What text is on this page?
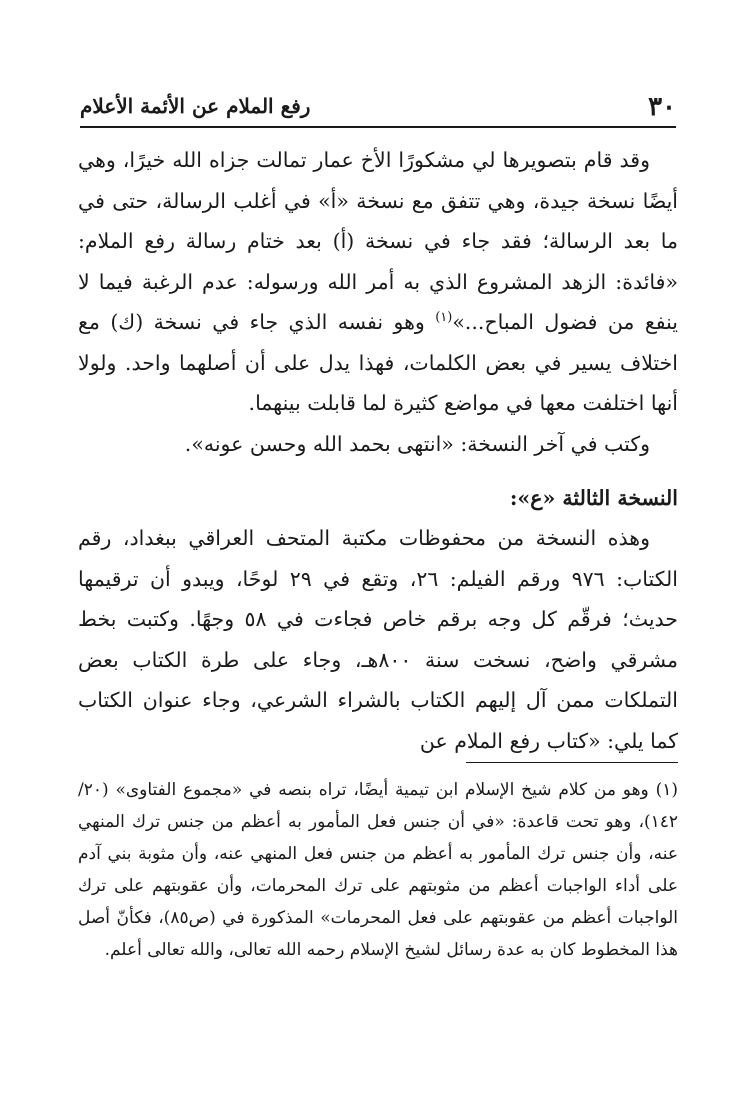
٣٠
رفع الملام عن الأئمة الأعلام

وقد قام بتصويرها لي مشكورًا الأخ عمار تمالت جزاه الله خيرًا، وهي أيضًا نسخة جيدة، وهي تتفق مع نسخة «أ» في أغلب الرسالة، حتى في ما بعد الرسالة؛ فقد جاء في نسخة (أ) بعد ختام رسالة رفع الملام: «فائدة: الزهد المشروع الذي به أمر الله ورسوله: عدم الرغبة فيما لا ينفع من فضول المباح...»$^{(١)}$ وهو نفسه الذي جاء في نسخة (ك) مع اختلاف يسير في بعض الكلمات، فهذا يدل على أن أصلهما واحد. ولولا أنها اختلفت معها في مواضع كثيرة لما قابلت بينهما.

وكتب في آخر النسخة: «انتهى بحمد الله وحسن عونه».

النسخة الثالثة «ع»:

وهذه النسخة من محفوظات مكتبة المتحف العراقي ببغداد، رقم الكتاب: ٩٧٦ ورقم الفيلم: ٢٦، وتقع في ٢٩ لوحًا، ويبدو أن ترقيمها حديث؛ فرقّم كل وجه برقم خاص فجاءت في ٥٨ وجهًا. وكتبت بخط مشرقي واضح، نسخت سنة ٨٠٠هـ، وجاء على طرة الكتاب بعض التملكات ممن آل إليهم الكتاب بالشراء الشرعي، وجاء عنوان الكتاب كما يلي: «كتاب رفع الملام عن

(١) وهو من كلام شيخ الإسلام ابن تيمية أيضًا، تراه بنصه في «مجموع الفتاوى» (٢٠/ ١٤٢)، وهو تحت قاعدة: «في أن جنس فعل المأمور به أعظم من جنس ترك المنهي عنه، وأن جنس ترك المأمور به أعظم من جنس فعل المنهي عنه، وأن مثوبة بني آدم على أداء الواجبات أعظم من مثوبتهم على ترك المحرمات، وأن عقوبتهم على ترك الواجبات أعظم من عقوبتهم على فعل المحرمات» المذكورة في (ص٨٥)، فكأنّ أصل هذا المخطوط كان به عدة رسائل لشيخ الإسلام رحمه الله تعالى، والله تعالى أعلم.
